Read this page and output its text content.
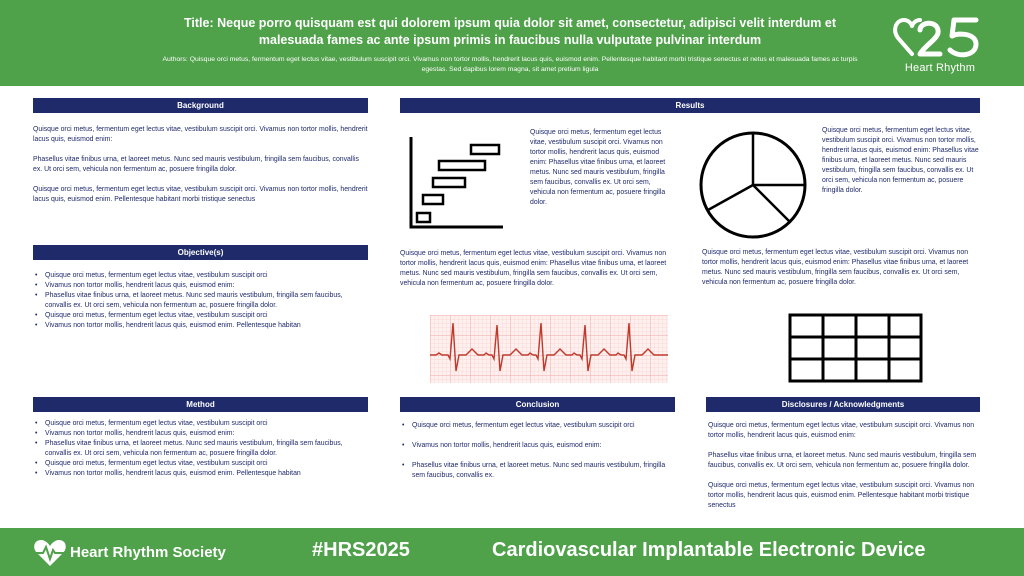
Title: Neque porro quisquam est qui dolorem ipsum quia dolor sit amet, consectetur, adipisci velit interdum et malesuada fames ac ante ipsum primis in faucibus nulla vulputate pulvinar interdum
Authors: Quisque orci metus, fermentum eget lectus vitae, vestibulum suscipit orci. Vivamus non tortor mollis, hendrerit lacus quis, euismod enim. Pellentesque habitant morbi tristique senectus et netus et malesuada fames ac turpis egestas. Sed dapibus lorem magna, sit amet pretium ligula	Heart Rhythm
Background

Quisque orci metus, fermentum eget lectus vitae, vestibulum suscipit orci. Vivamus non tortor mollis, hendrerit lacus quis, euismod enim:

Phasellus vitae finibus urna, et laoreet metus. Nunc sed mauris vestibulum, fringilla sem faucibus, convallis ex. Ut orci sem, vehicula non fermentum ac, posuere fringilla dolor.

Quisque orci metus, fermentum eget lectus vitae, vestibulum suscipit orci. Vivamus non tortor mollis, hendrerit lacus quis, euismod enim. Pellentesque habitant morbi tristique senectus

Objective(s)
• Quisque orci metus, fermentum eget lectus vitae, vestibulum suscipit orci
• Vivamus non tortor mollis, hendrerit lacus quis, euismod enim:
• Phasellus vitae finibus urna, et laoreet metus. Nunc sed mauris vestibulum, fringilla sem faucibus, convallis ex. Ut orci sem, vehicula non fermentum ac, posuere fringilla dolor.
• Quisque orci metus, fermentum eget lectus vitae, vestibulum suscipit orci
• Vivamus non tortor mollis, hendrerit lacus quis, euismod enim. Pellentesque habitan
Method
• Quisque orci metus, fermentum eget lectus vitae, vestibulum suscipit orci
• Vivamus non tortor mollis, hendrerit lacus quis, euismod enim:
• Phasellus vitae finibus urna, et laoreet metus. Nunc sed mauris vestibulum, fringilla sem faucibus, convallis ex. Ut orci sem, vehicula non fermentum ac, posuere fringilla dolor.
• Quisque orci metus, fermentum eget lectus vitae, vestibulum suscipit orci
• Vivamus non tortor mollis, hendrerit lacus quis, euismod enim. Pellentesque habitan
Results
Quisque orci metus, fermentum eget lectus vitae, vestibulum suscipit orci. Vivamus non tortor mollis, hendrerit lacus quis, euismod enim: Phasellus vitae finibus urna, et laoreet metus. Nunc sed mauris vestibulum, fringilla sem faucibus, convallis ex. Ut orci sem, vehicula non fermentum ac, posuere fringilla dolor.
Quisque orci metus, fermentum eget lectus vitae, vestibulum suscipit orci. Vivamus non tortor mollis, hendrerit lacus quis, euismod enim: Phasellus vitae finibus urna, et laoreet metus. Nunc sed mauris vestibulum, fringilla sem faucibus, convallis ex. Ut orci sem, vehicula non fermentum ac, posuere fringilla dolor.
Quisque orci metus, fermentum eget lectus vitae, vestibulum suscipit orci. Vivamus non tortor mollis, hendrerit lacus quis, euismod enim: Phasellus vitae finibus urna, et laoreet metus. Nunc sed mauris vestibulum, fringilla sem faucibus, convallis ex. Ut orci sem, vehicula non fermentum ac, posuere fringilla dolor.
Quisque orci metus, fermentum eget lectus vitae, vestibulum suscipit orci. Vivamus non tortor mollis, hendrerit lacus quis, euismod enim: Phasellus vitae finibus urna, et laoreet metus. Nunc sed mauris vestibulum, fringilla sem faucibus, convallis ex. Ut orci sem, vehicula non fermentum ac, posuere fringilla dolor.
Conclusion
• Quisque orci metus, fermentum eget lectus vitae, vestibulum suscipit orci
• Vivamus non tortor mollis, hendrerit lacus quis, euismod enim:
• Phasellus vitae finibus urna, et laoreet metus. Nunc sed mauris vestibulum, fringilla sem faucibus, convallis ex.
Disclosures / Acknowledgments

Quisque orci metus, fermentum eget lectus vitae, vestibulum suscipit orci. Vivamus non tortor mollis, hendrerit lacus quis, euismod enim:

Phasellus vitae finibus urna, et laoreet metus. Nunc sed mauris vestibulum, fringilla sem faucibus, convallis ex. Ut orci sem, vehicula non fermentum ac, posuere fringilla dolor.

Quisque orci metus, fermentum eget lectus vitae, vestibulum suscipit orci. Vivamus non tortor mollis, hendrerit lacus quis, euismod enim. Pellentesque habitant morbi tristique senectus

Heart Rhythm Society	#HRS2025	Cardiovascular Implantable Electronic Device
